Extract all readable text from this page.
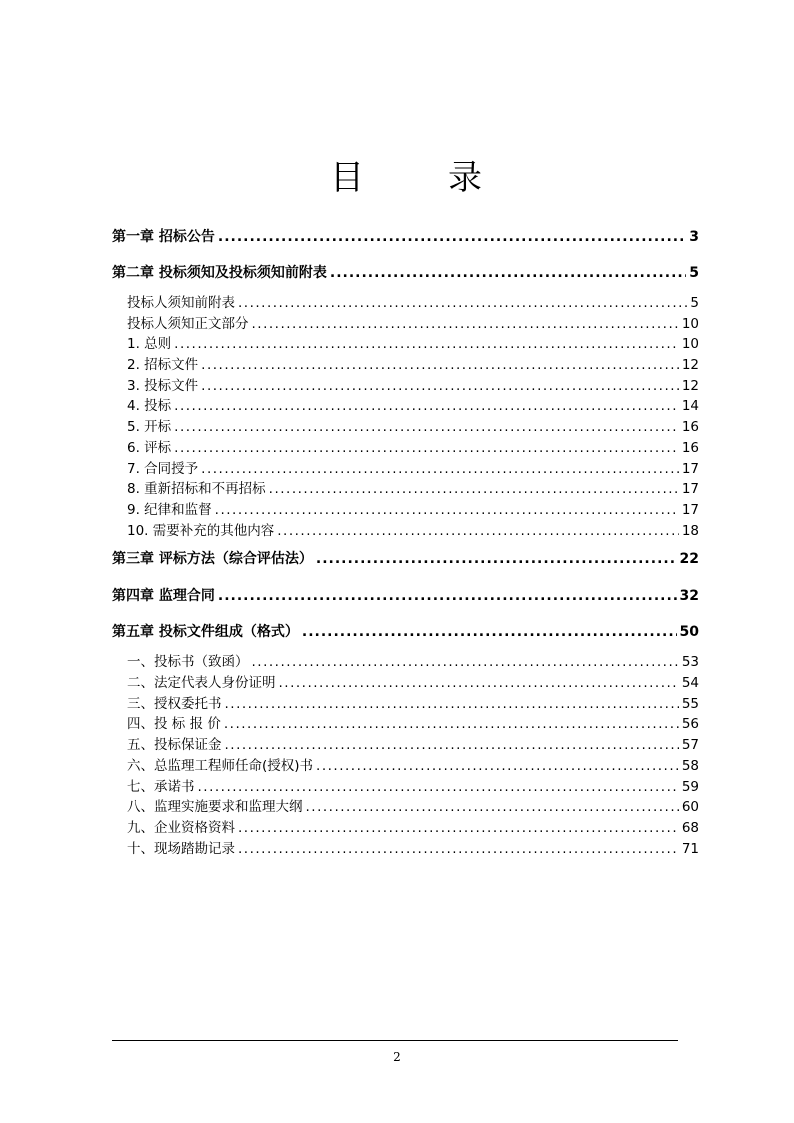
目 录
第一章 招标公告 .....	3
第二章 投标须知及投标须知前附表 .....	5
投标人须知前附表 .....	5
投标人须知正文部分 .....	10
1. 总则 .....	10
2. 招标文件 .....	12
3. 投标文件 .....	12
4. 投标 .....	14
5. 开标 .....	16
6. 评标 .....	16
7. 合同授予 .....	17
8. 重新招标和不再招标 .....	17
9. 纪律和监督 .....	17
10. 需要补充的其他内容 .....	18
第三章 评标方法（综合评估法） .....	22
第四章 监理合同 .....	32
第五章 投标文件组成（格式） .....	50
一、投标书（致函） .....	53
二、法定代表人身份证明 .....	54
三、授权委托书 .....	55
四、投 标 报 价 .....	56
五、投标保证金 .....	57
六、总监理工程师任命(授权)书 .....	58
七、承诺书 .....	59
八、监理实施要求和监理大纲 .....	60
九、企业资格资料 .....	68
十、现场踏勘记录 .....	71
2
